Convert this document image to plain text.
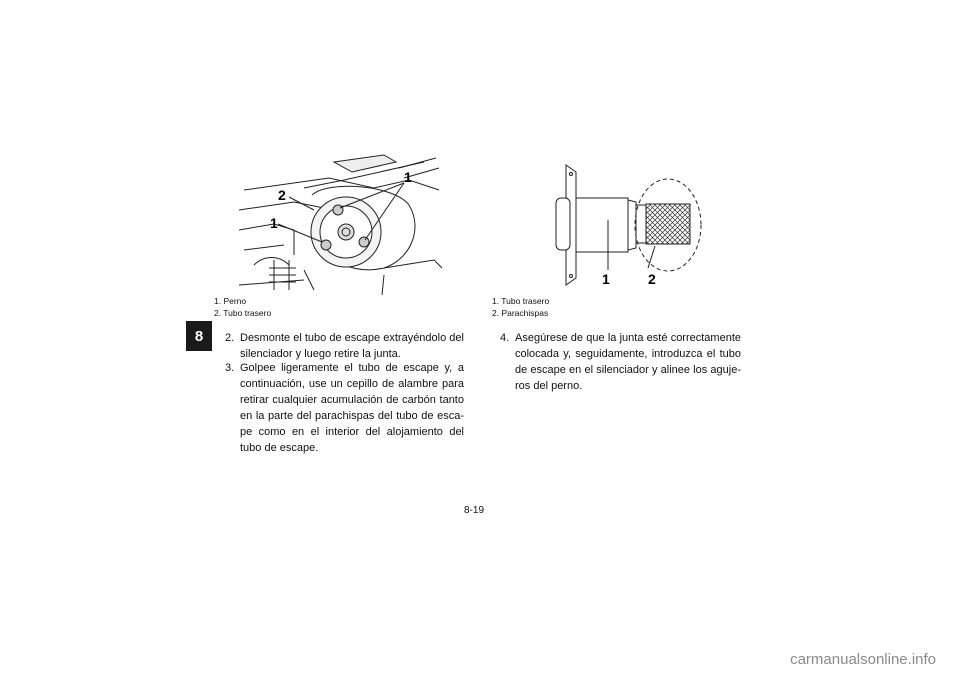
8
1
1
2
1. Perno
2. Tubo trasero
1	2
1. Tubo trasero
2. Parachispas
2. Desmonte el tubo de escape extrayéndolo del silenciador y luego retire la junta.
3. Golpee ligeramente el tubo de escape y, a continuación, use un cepillo de alambre para retirar cualquier acumulación de carbón tanto en la parte del parachispas del tubo de esca-pe como en el interior del alojamiento del tubo de escape.
4. Asegúrese de que la junta esté correctamente colocada y, seguidamente, introduzca el tubo de escape en el silenciador y alinee los aguje-ros del perno.
8-19
carmanualsonline.info
